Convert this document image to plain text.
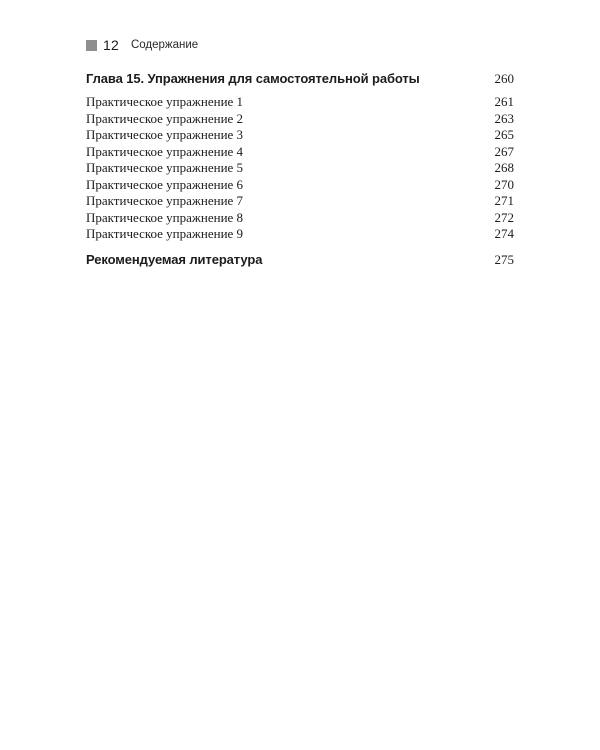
12 Содержание
Глава 15. Упражнения для самостоятельной работы	260
Практическое упражнение 1	261
Практическое упражнение 2	263
Практическое упражнение 3	265
Практическое упражнение 4	267
Практическое упражнение 5	268
Практическое упражнение 6	270
Практическое упражнение 7	271
Практическое упражнение 8	272
Практическое упражнение 9	274
Рекомендуемая литература	275
